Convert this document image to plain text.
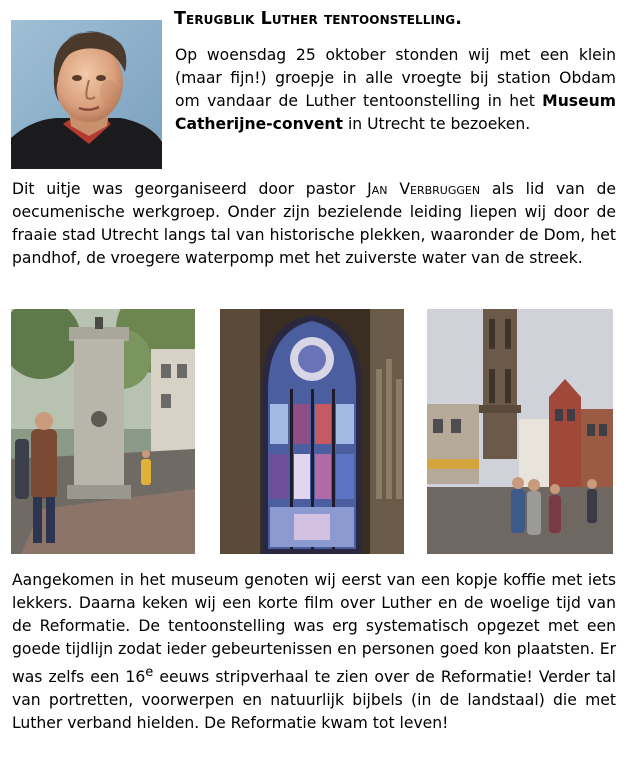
Terugblik Luther tentoonstelling.

Op woensdag 25 oktober stonden wij met een klein (maar fijn!) groepje in alle vroegte bij station Obdam om vandaar de Luther tentoonstelling in het Museum Catherijne-convent in Utrecht te bezoeken.

Dit uitje was georganiseerd door pastor Jan Verbruggen als lid van de oecumenische werkgroep. Onder zijn bezielende leiding liepen wij door de fraaie stad Utrecht langs tal van historische plekken, waaronder de Dom, het pandhof, de vroegere waterpomp met het zuiverste water van de streek.

Aangekomen in het museum genoten wij eerst van een kopje koffie met iets lekkers. Daarna keken wij een korte film over Luther en de woelige tijd van de Reformatie. De tentoonstelling was erg systematisch opgezet met een goede tijdlijn zodat ieder gebeurtenissen en personen goed kon plaatsten. Er was zelfs een 16e eeuws stripverhaal te zien over de Reformatie! Verder tal van portretten, voorwerpen en natuurlijk bijbels (in de landstaal) die met Luther verband hielden. De Reformatie kwam tot leven!
